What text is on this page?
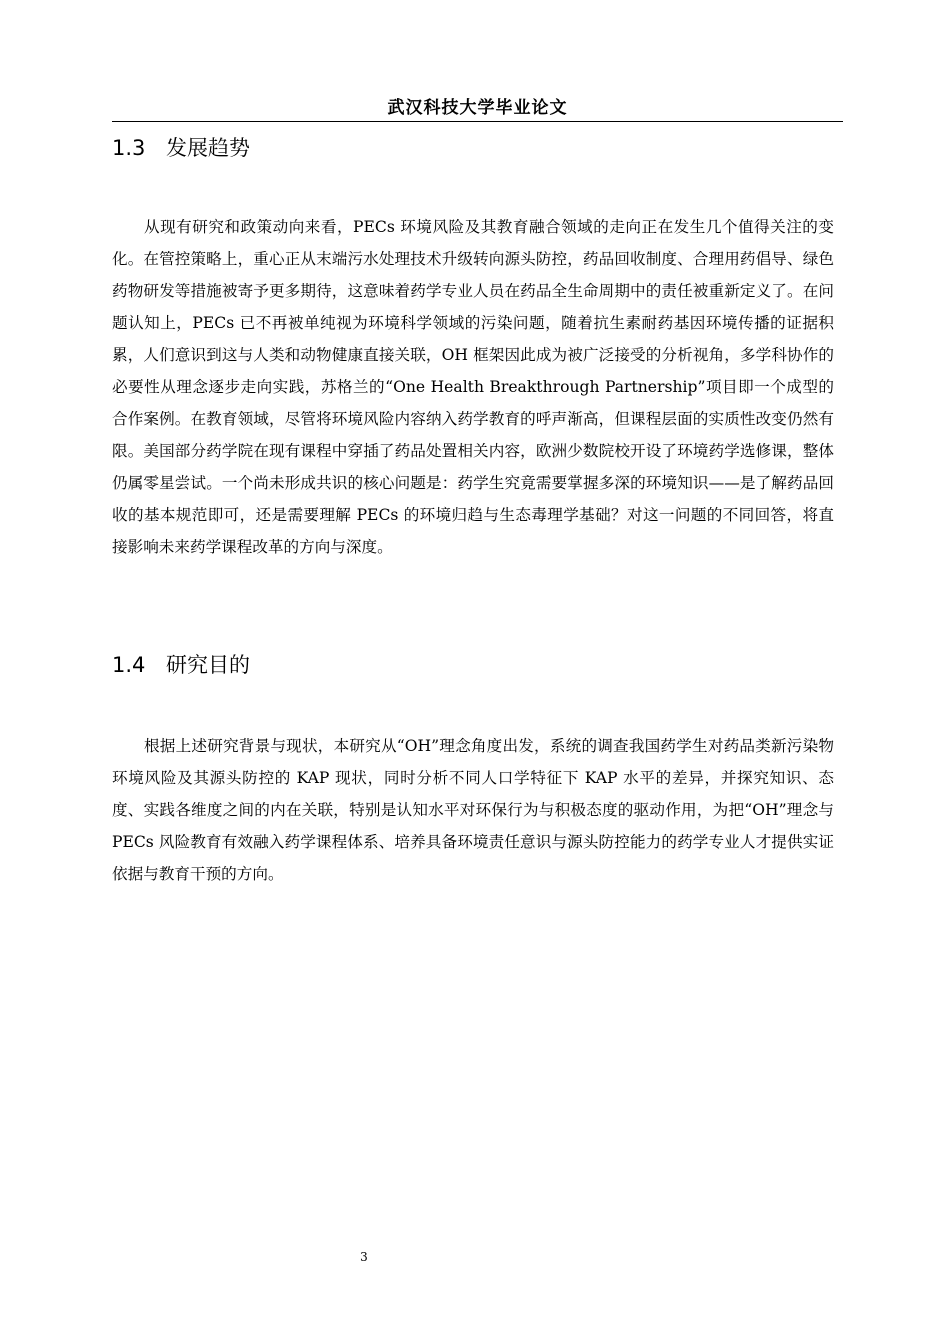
武汉科技大学毕业论文
1.3 发展趋势

从现有研究和政策动向来看，PECs 环境风险及其教育融合领域的走向正在发生几个值得关注的变化。在管控策略上，重心正从末端污水处理技术升级转向源头防控，药品回收制度、合理用药倡导、绿色药物研发等措施被寄予更多期待，这意味着药学专业人员在药品全生命周期中的责任被重新定义了。在问题认知上，PECs 已不再被单纯视为环境科学领域的污染问题，随着抗生素耐药基因环境传播的证据积累，人们意识到这与人类和动物健康直接关联，OH 框架因此成为被广泛接受的分析视角，多学科协作的必要性从理念逐步走向实践，苏格兰的“One Health Breakthrough Partnership”项目即一个成型的合作案例。在教育领域，尽管将环境风险内容纳入药学教育的呼声渐高，但课程层面的实质性改变仍然有限。美国部分药学院在现有课程中穿插了药品处置相关内容，欧洲少数院校开设了环境药学选修课，整体仍属零星尝试。一个尚未形成共识的核心问题是：药学生究竟需要掌握多深的环境知识——是了解药品回收的基本规范即可，还是需要理解 PECs 的环境归趋与生态毒理学基础？对这一问题的不同回答，将直接影响未来药学课程改革的方向与深度。

1.4 研究目的

根据上述研究背景与现状，本研究从“OH”理念角度出发，系统的调查我国药学生对药品类新污染物环境风险及其源头防控的 KAP 现状，同时分析不同人口学特征下 KAP 水平的差异，并探究知识、态度、实践各维度之间的内在关联，特别是认知水平对环保行为与积极态度的驱动作用，为把“OH”理念与 PECs 风险教育有效融入药学课程体系、培养具备环境责任意识与源头防控能力的药学专业人才提供实证依据与教育干预的方向。

3
